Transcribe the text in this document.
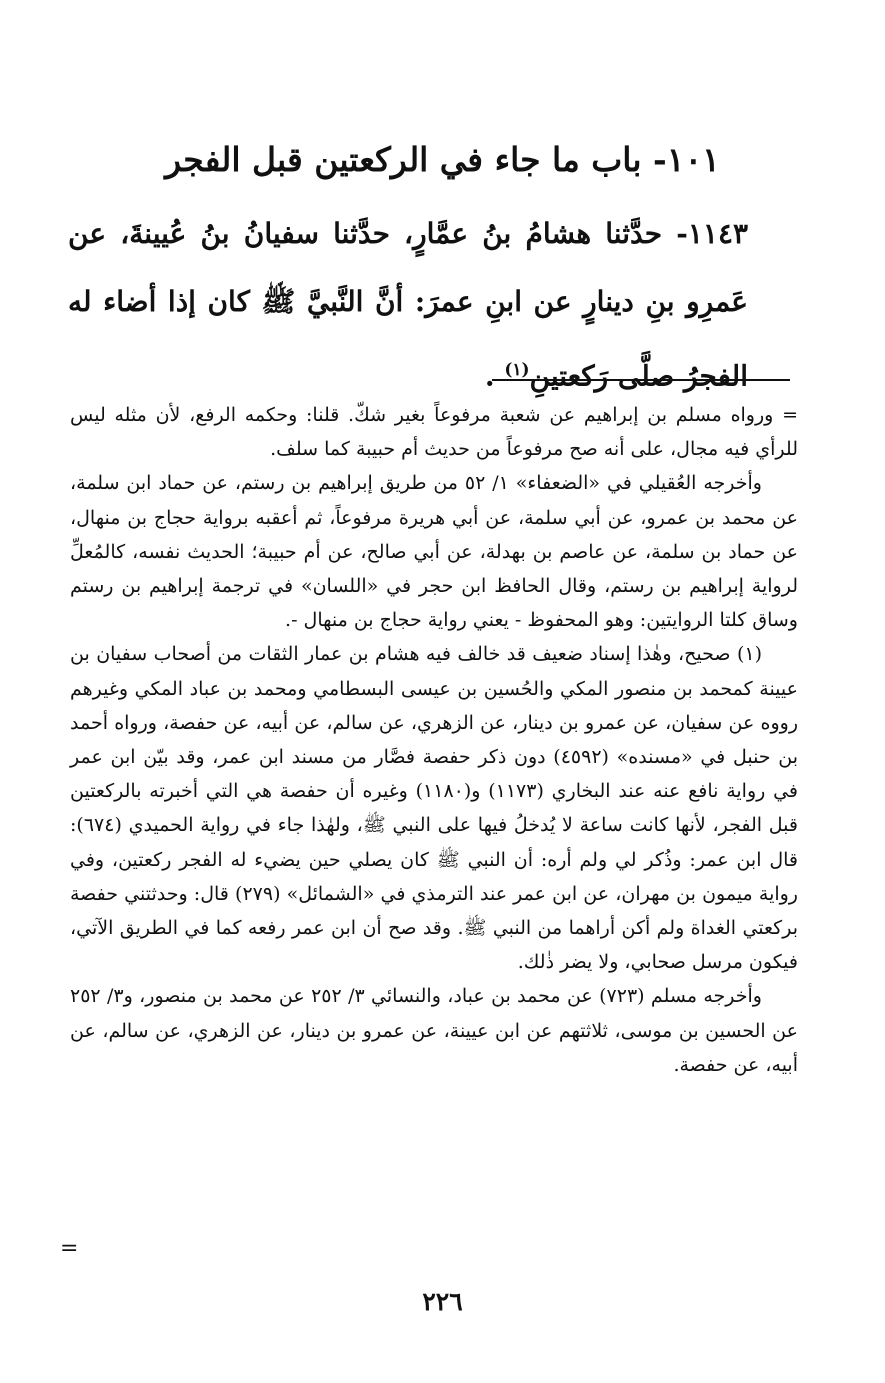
١٠١- باب ما جاء في الركعتين قبل الفجر
١١٤٣- حدَّثنا هشامُ بنُ عمَّارٍ، حدَّثنا سفيانُ بنُ عُيينةَ، عن عَمرِو بنِ دينارٍ عن ابنِ عمرَ: أنَّ النَّبيَّ ﷺ كان إذا أضاء له الفجرُ صلَّى رَكعتينِ$^{(١)}$ .

= ورواه مسلم بن إبراهيم عن شعبة مرفوعاً بغير شكّ. قلنا: وحكمه الرفع، لأن مثله ليس للرأي فيه مجال، على أنه صح مرفوعاً من حديث أم حبيبة كما سلف.

وأخرجه العُقيلي في «الضعفاء» ١/ ٥٢ من طريق إبراهيم بن رستم، عن حماد ابن سلمة، عن محمد بن عمرو، عن أبي سلمة، عن أبي هريرة مرفوعاً، ثم أعقبه برواية حجاج بن منهال، عن حماد بن سلمة، عن عاصم بن بهدلة، عن أبي صالح، عن أم حبيبة؛ الحديث نفسه، كالمُعلِّ لرواية إبراهيم بن رستم، وقال الحافظ ابن حجر في «اللسان» في ترجمة إبراهيم بن رستم وساق كلتا الروايتين: وهو المحفوظ - يعني رواية حجاج بن منهال -.

(١) صحيح، وهٰذا إسناد ضعيف قد خالف فيه هشام بن عمار الثقات من أصحاب سفيان بن عيينة كمحمد بن منصور المكي والحُسين بن عيسى البسطامي ومحمد بن عباد المكي وغيرهم رووه عن سفيان، عن عمرو بن دينار، عن الزهري، عن سالم، عن أبيه، عن حفصة، ورواه أحمد بن حنبل في «مسنده» (٤٥٩٢) دون ذكر حفصة فصَّار من مسند ابن عمر، وقد بيّن ابن عمر في رواية نافع عنه عند البخاري (١١٧٣) و(١١٨٠) وغيره أن حفصة هي التي أخبرته بالركعتين قبل الفجر، لأنها كانت ساعة لا يُدخلُ فيها على النبي ﷺ، ولهٰذا جاء في رواية الحميدي (٦٧٤): قال ابن عمر: وذُكر لي ولم أره: أن النبي ﷺ كان يصلي حين يضيء له الفجر ركعتين، وفي رواية ميمون بن مهران، عن ابن عمر عند الترمذي في «الشمائل» (٢٧٩) قال: وحدثتني حفصة بركعتي الغداة ولم أكن أراهما من النبي ﷺ. وقد صح أن ابن عمر رفعه كما في الطريق الآتي، فيكون مرسل صحابي، ولا يضر ذٰلك.

وأخرجه مسلم (٧٢٣) عن محمد بن عباد، والنسائي ٣/ ٢٥٢ عن محمد بن منصور، و٣/ ٢٥٢ عن الحسين بن موسى، ثلاثتهم عن ابن عيينة، عن عمرو بن دينار، عن الزهري، عن سالم، عن أبيه، عن حفصة.

=
٢٢٦
